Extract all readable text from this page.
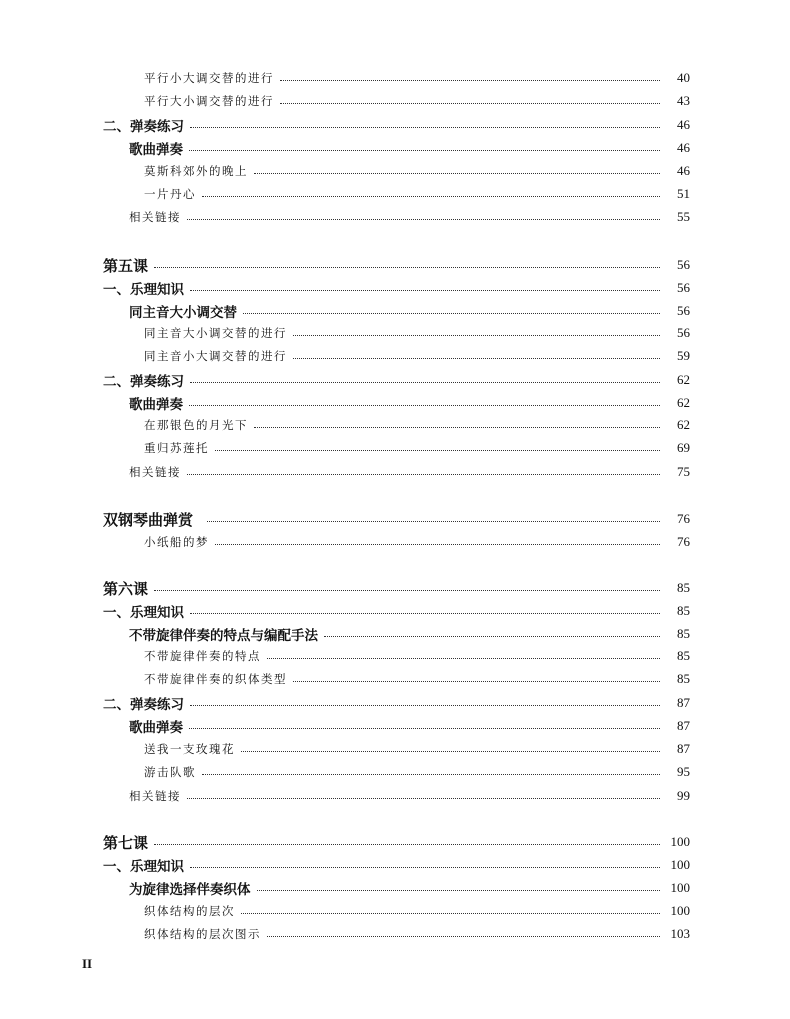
平行小大调交替的进行	40
平行大小调交替的进行	43
二、弹奏练习	46
歌曲弹奏	46
莫斯科郊外的晚上	46
一片丹心	51
相关链接	55
第五课	56
一、乐理知识	56
同主音大小调交替	56
同主音大小调交替的进行	56
同主音小大调交替的进行	59
二、弹奏练习	62
歌曲弹奏	62
在那银色的月光下	62
重归苏莲托	69
相关链接	75
双钢琴曲弹赏	76
小纸船的梦	76
第六课	85
一、乐理知识	85
不带旋律伴奏的特点与编配手法	85
不带旋律伴奏的特点	85
不带旋律伴奏的织体类型	85
二、弹奏练习	87
歌曲弹奏	87
送我一支玫瑰花	87
游击队歌	95
相关链接	99
第七课	100
一、乐理知识	100
为旋律选择伴奏织体	100
织体结构的层次	100
织体结构的层次图示	103
II
